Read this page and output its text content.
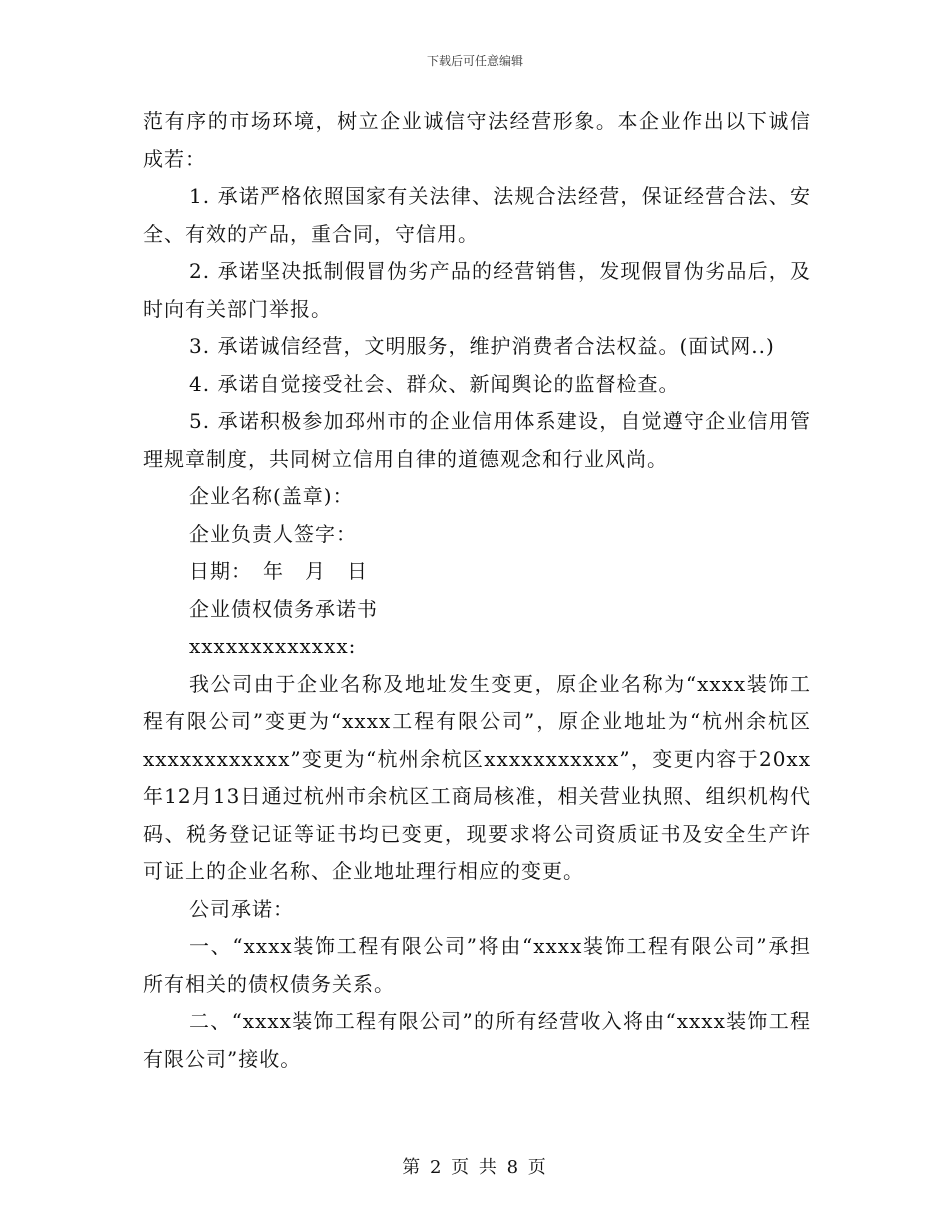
下载后可任意编辑

范有序的市场环境，树立企业诚信守法经营形象。本企业作出以下诚信成若：

1. 承诺严格依照国家有关法律、法规合法经营，保证经营合法、安全、有效的产品，重合同，守信用。

2. 承诺坚决抵制假冒伪劣产品的经营销售，发现假冒伪劣品后，及时向有关部门举报。

3. 承诺诚信经营，文明服务，维护消费者合法权益。(面试网..)

4. 承诺自觉接受社会、群众、新闻舆论的监督检查。

5. 承诺积极参加邳州市的企业信用体系建设，自觉遵守企业信用管理规章制度，共同树立信用自律的道德观念和行业风尚。

企业名称(盖章)：

企业负责人签字：

日期：　年　月　日

企业债权债务承诺书

xxxxxxxxxxxxx:

我公司由于企业名称及地址发生变更，原企业名称为“xxxx装饰工程有限公司”变更为“xxxx工程有限公司”，原企业地址为“杭州余杭区xxxxxxxxxxxx”变更为“杭州余杭区xxxxxxxxxxx”，变更内容于20xx年12月13日通过杭州市余杭区工商局核准，相关营业执照、组织机构代码、税务登记证等证书均已变更，现要求将公司资质证书及安全生产许可证上的企业名称、企业地址理行相应的变更。

公司承诺：

一、“xxxx装饰工程有限公司”将由“xxxx装饰工程有限公司”承担所有相关的债权债务关系。

二、“xxxx装饰工程有限公司”的所有经营收入将由“xxxx装饰工程有限公司”接收。

第 2 页 共 8 页
